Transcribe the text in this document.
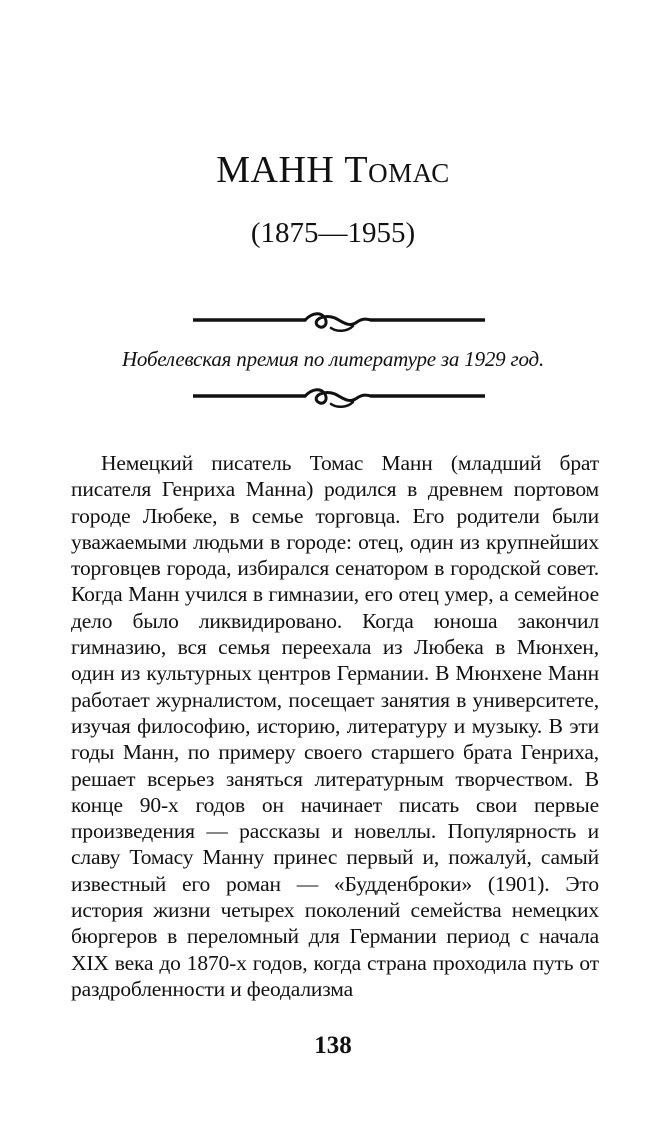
МАНН Томас

(1875—1955)

Нобелевская премия по литературе за 1929 год.

Немецкий писатель Томас Манн (младший брат писателя Генриха Манна) родился в древнем портовом городе Любеке, в семье торговца. Его родители были уважаемыми людьми в городе: отец, один из крупнейших торговцев города, избирался сенатором в городской совет. Когда Манн учился в гимназии, его отец умер, а семейное дело было ликвидировано. Когда юноша закончил гимназию, вся семья переехала из Любека в Мюнхен, один из культурных центров Германии. В Мюнхене Манн работает журналистом, посещает занятия в университете, изучая философию, историю, литературу и музыку. В эти годы Манн, по примеру своего старшего брата Генриха, решает всерьез заняться литературным творчеством. В конце 90-х годов он начинает писать свои первые произведения — рассказы и новеллы. Популярность и славу Томасу Манну принес первый и, пожалуй, самый известный его роман — «Будденброки» (1901). Это история жизни четырех поколений семейства немецких бюргеров в переломный для Германии период с начала XIX века до 1870-х годов, когда страна проходила путь от раздробленности и феодализма

138
